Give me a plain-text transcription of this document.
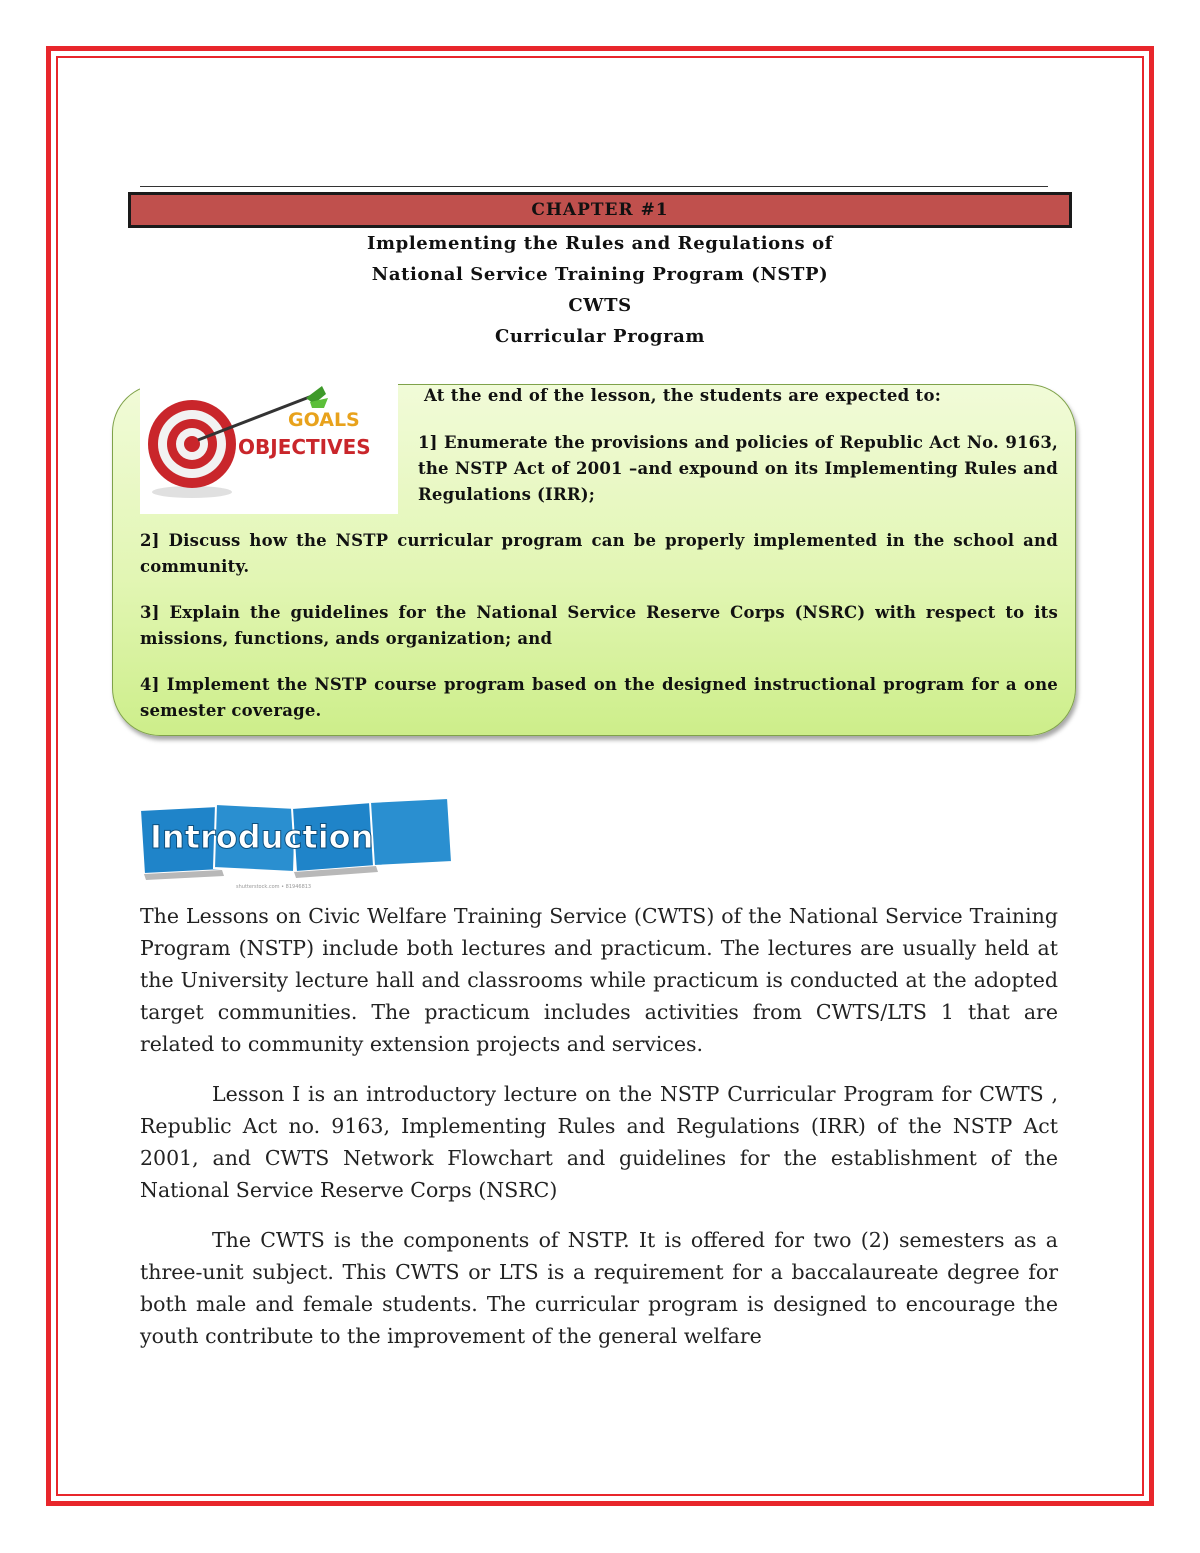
CHAPTER #1
Implementing the Rules and Regulations of
National Service Training Program (NSTP)
CWTS
Curricular Program
GOALS
OBJECTIVES
At the end of the lesson, the students are expected to:
1] Enumerate the provisions and policies of Republic Act No. 9163, the NSTP Act of 2001 –and expound on its Implementing Rules and Regulations (IRR);
2] Discuss how the NSTP curricular program can be properly implemented in the school and community.
3] Explain the guidelines for the National Service Reserve Corps (NSRC) with respect to its missions, functions, ands organization; and
4] Implement the NSTP course program based on the designed instructional program for a one semester coverage.
Introduction
shutterstock.com • 81946813
The Lessons on Civic Welfare Training Service (CWTS) of the National Service Training Program (NSTP) include both lectures and practicum. The lectures are usually held at the University lecture hall and classrooms while practicum is conducted at the adopted target communities. The practicum includes activities from CWTS/LTS 1 that are related to community extension projects and services.
Lesson I is an introductory lecture on the NSTP Curricular Program for CWTS , Republic Act no. 9163, Implementing Rules and Regulations (IRR) of the NSTP Act 2001, and CWTS Network Flowchart and guidelines for the establishment of the National Service Reserve Corps (NSRC)
The CWTS is the components of NSTP. It is offered for two (2) semesters as a three-unit subject. This CWTS or LTS is a requirement for a baccalaureate degree for both male and female students. The curricular program is designed to encourage the youth contribute to the improvement of the general welfare
